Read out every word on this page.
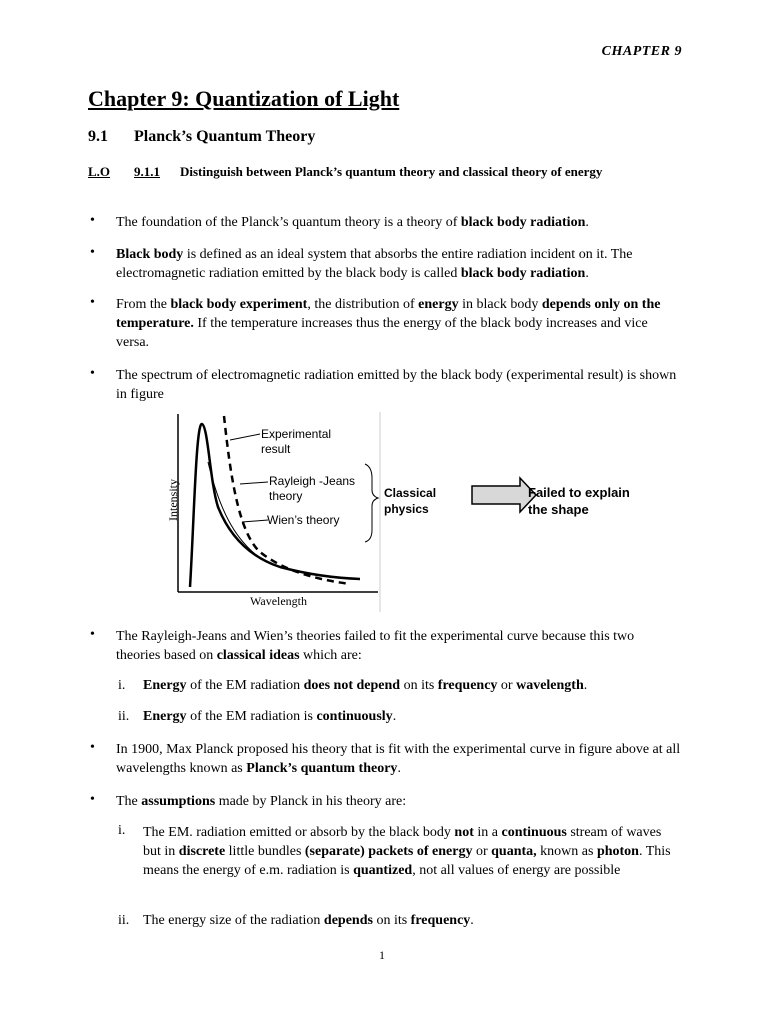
CHAPTER 9
Chapter 9: Quantization of Light
9.1 Planck’s Quantum Theory
L.O 9.1.1 Distinguish between Planck’s quantum theory and classical theory of energy
• The foundation of the Planck’s quantum theory is a theory of black body radiation.
• Black body is defined as an ideal system that absorbs the entire radiation incident on it. The electromagnetic radiation emitted by the black body is called black body radiation.
• From the black body experiment, the distribution of energy in black body depends only on the temperature. If the temperature increases thus the energy of the black body increases and vice versa.
• The spectrum of electromagnetic radiation emitted by the black body (experimental result) is shown in figure
Intensity
Wavelength
Experimental
result
Rayleigh -Jeans
theory
Wien’s theory
Classical
physics
Failed to explain
the shape
• The Rayleigh-Jeans and Wien’s theories failed to fit the experimental curve because this two theories based on classical ideas which are:
i. Energy of the EM radiation does not depend on its frequency or wavelength.
ii. Energy of the EM radiation is continuously.
• In 1900, Max Planck proposed his theory that is fit with the experimental curve in figure above at all wavelengths known as Planck’s quantum theory.
• The assumptions made by Planck in his theory are:
i. The EM. radiation emitted or absorb by the black body not in a continuous stream of waves but in discrete little bundles (separate) packets of energy or quanta, known as photon. This means the energy of e.m. radiation is quantized, not all values of energy are possible
ii. The energy size of the radiation depends on its frequency.
1
